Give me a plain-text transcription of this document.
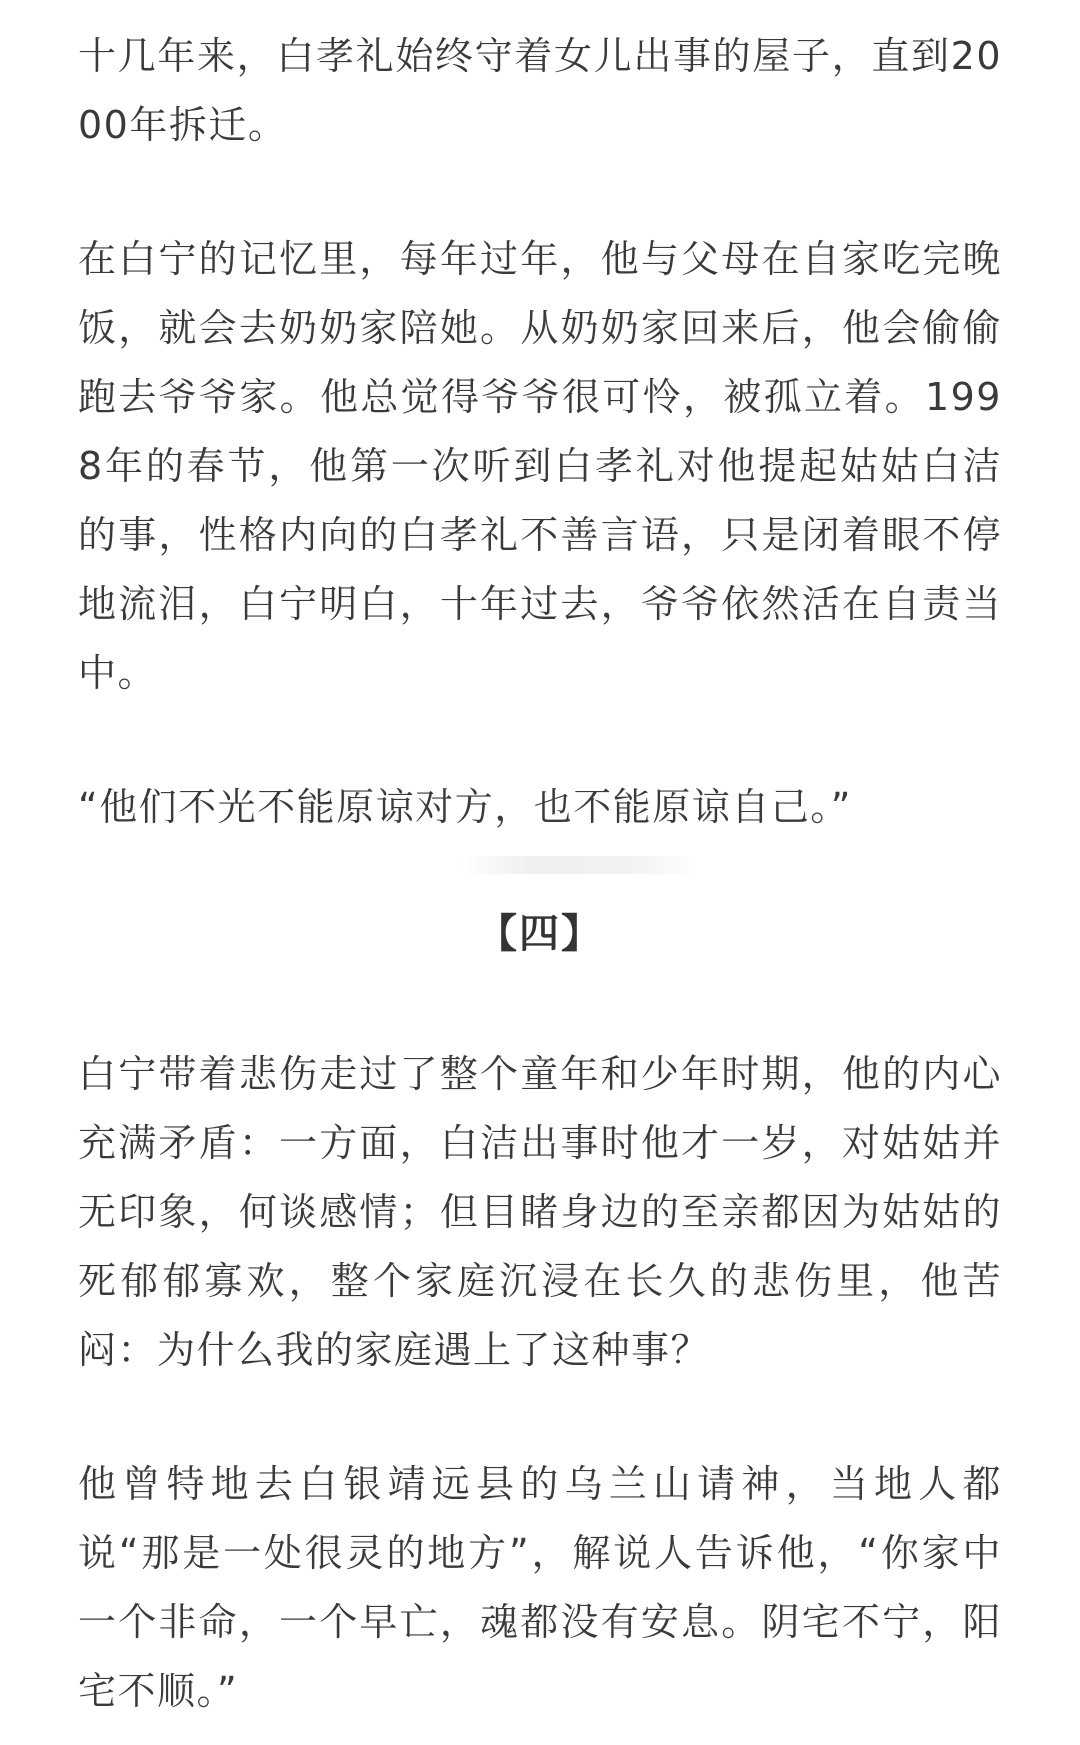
十几年来，白孝礼始终守着女儿出事的屋子，直到2000年拆迁。

在白宁的记忆里，每年过年，他与父母在自家吃完晚饭，就会去奶奶家陪她。从奶奶家回来后，他会偷偷跑去爷爷家。他总觉得爷爷很可怜，被孤立着。1998年的春节，他第一次听到白孝礼对他提起姑姑白洁的事，性格内向的白孝礼不善言语，只是闭着眼不停地流泪，白宁明白，十年过去，爷爷依然活在自责当中。

“他们不光不能原谅对方，也不能原谅自己。”

【四】

白宁带着悲伤走过了整个童年和少年时期，他的内心充满矛盾：一方面，白洁出事时他才一岁，对姑姑并无印象，何谈感情；但目睹身边的至亲都因为姑姑的死郁郁寡欢，整个家庭沉浸在长久的悲伤里，他苦闷：为什么我的家庭遇上了这种事？

他曾特地去白银靖远县的乌兰山请神，当地人都说“那是一处很灵的地方”，解说人告诉他，“你家中一个非命，一个早亡，魂都没有安息。阴宅不宁，阳宅不顺。”
